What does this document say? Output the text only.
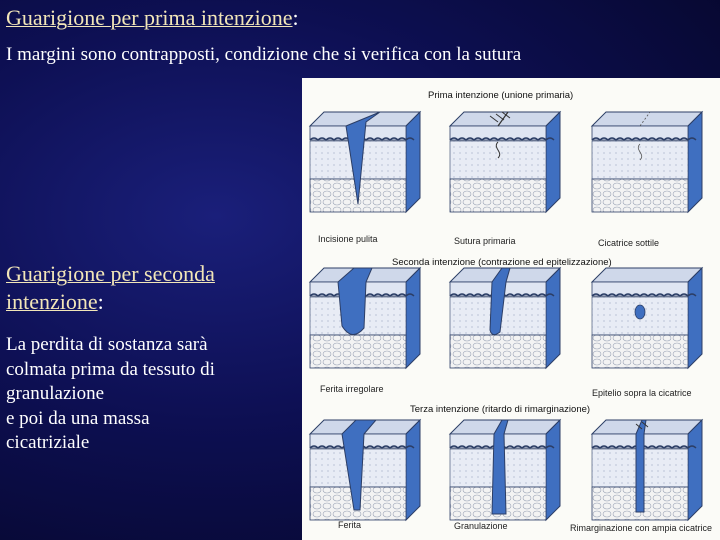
Guarigione per prima intenzione:
I margini sono contrapposti, condizione che si verifica con la sutura
Guarigione per seconda intenzione:
La perdita di sostanza sarà
colmata prima da tessuto di
granulazione
e poi da una massa
cicatriziale
Prima intenzione (unione primaria)
Seconda intenzione (contrazione ed epitelizzazione)
Terza intenzione (ritardo di rimarginazione)
Incisione pulita	Sutura primaria	Cicatrice sottile
Ferita irregolare	Epitelio sopra la cicatrice
Ferita	Granulazione	Rimarginazione con ampia cicatrice
